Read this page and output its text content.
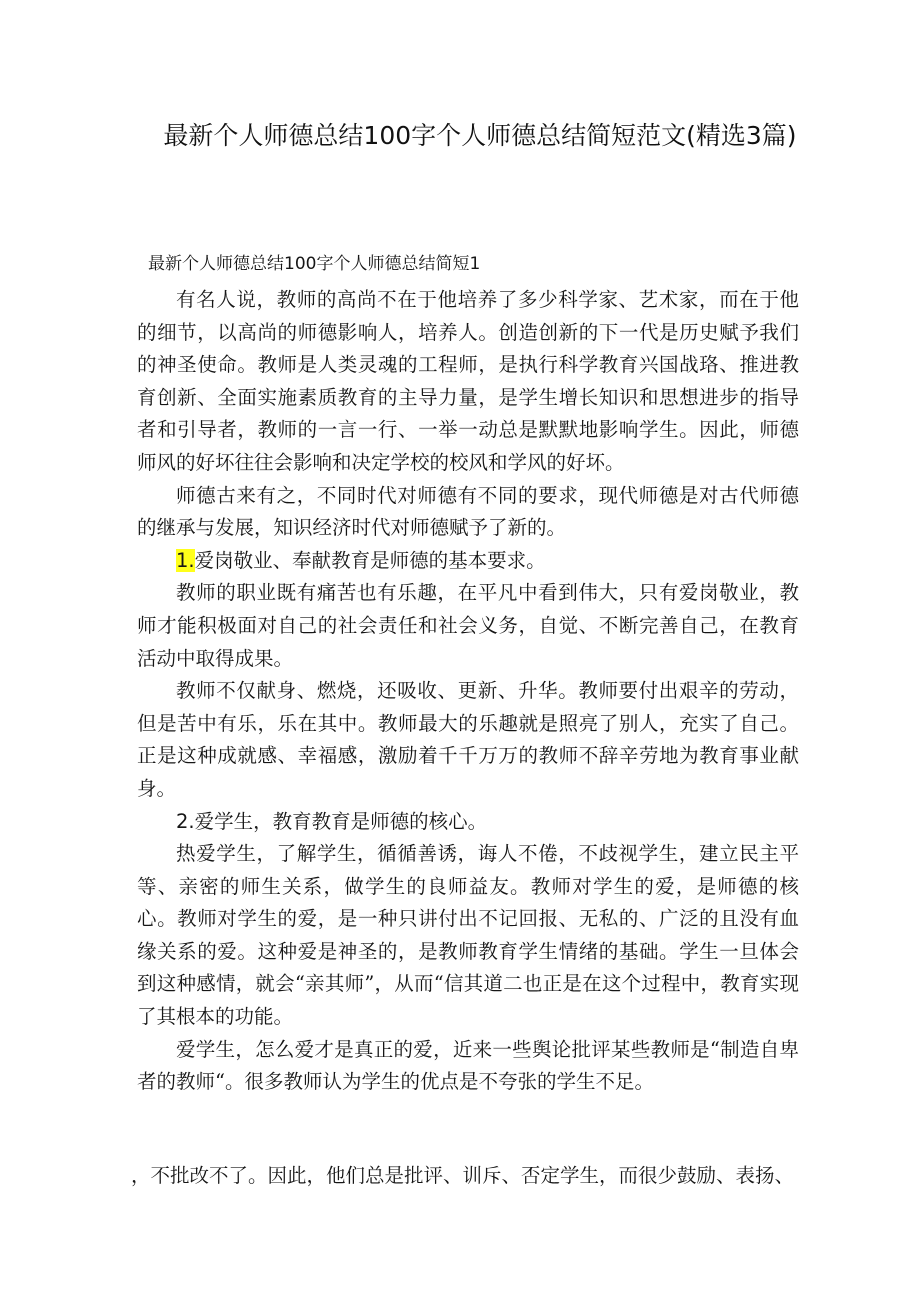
最新个人师德总结100字个人师德总结简短范文(精选3篇)
最新个人师德总结100字个人师德总结简短1

有名人说，教师的高尚不在于他培养了多少科学家、艺术家，而在于他的细节，以高尚的师德影响人，培养人。创造创新的下一代是历史赋予我们的神圣使命。教师是人类灵魂的工程师，是执行科学教育兴国战珞、推进教育创新、全面实施素质教育的主导力量，是学生增长知识和思想进步的指导者和引导者，教师的一言一行、一举一动总是默默地影响学生。因此，师德师风的好坏往往会影响和决定学校的校风和学风的好坏。

师德古来有之，不同时代对师德有不同的要求，现代师德是对古代师德的继承与发展，知识经济时代对师德赋予了新的。

1.爱岗敬业、奉献教育是师德的基本要求。

教师的职业既有痛苦也有乐趣，在平凡中看到伟大，只有爱岗敬业，教师才能积极面对自己的社会责任和社会义务，自觉、不断完善自己，在教育活动中取得成果。

教师不仅献身、燃烧，还吸收、更新、升华。教师要付出艰辛的劳动，但是苦中有乐，乐在其中。教师最大的乐趣就是照亮了别人，充实了自己。正是这种成就感、幸福感，激励着千千万万的教师不辞辛劳地为教育事业献身。

2.爱学生，教育教育是师德的核心。

热爱学生，了解学生，循循善诱，诲人不倦，不歧视学生，建立民主平等、亲密的师生关系，做学生的良师益友。教师对学生的爱，是师德的核心。教师对学生的爱，是一种只讲付出不记回报、无私的、广泛的且没有血缘关系的爱。这种爱是神圣的，是教师教育学生情绪的基础。学生一旦体会到这种感情，就会“亲其师”，从而“信其道二也正是在这个过程中，教育实现了其根本的功能。

爱学生，怎么爱才是真正的爱，近来一些舆论批评某些教师是“制造自卑者的教师“。很多教师认为学生的优点是不夸张的学生不足。

，不批改不了。因此，他们总是批评、训斥、否定学生，而很少鼓励、表扬、
